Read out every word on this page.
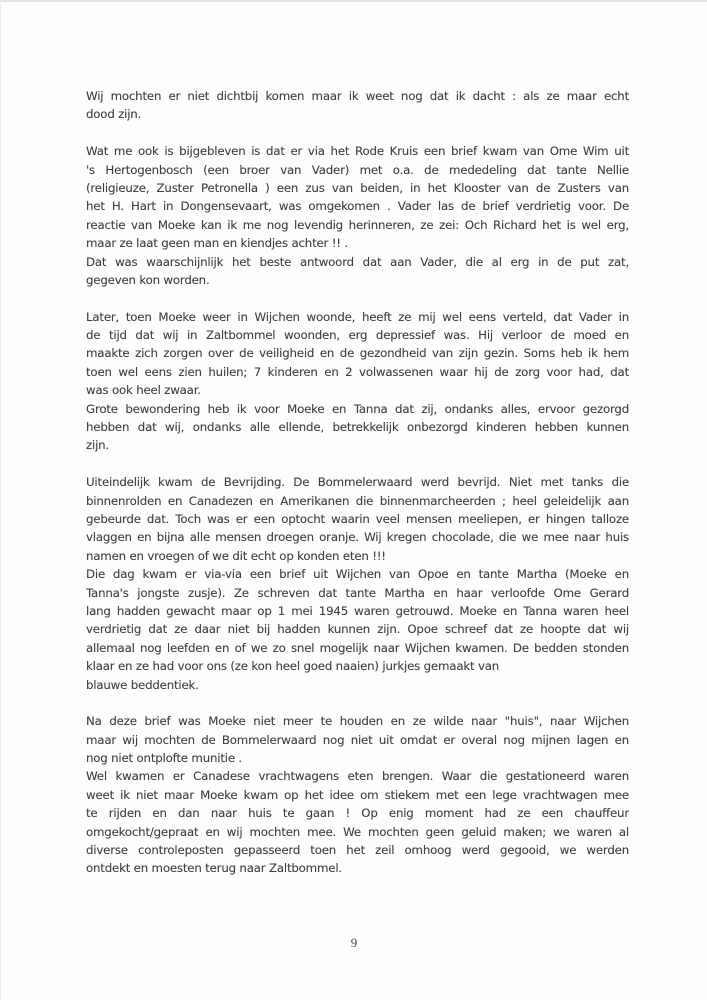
Wij mochten er niet dichtbij komen maar ik weet nog dat ik dacht : als ze maar echt
dood zijn.
Wat me ook is bijgebleven is dat er via het Rode Kruis een brief kwam van Ome Wim uit
's Hertogenbosch (een broer van Vader) met o.a. de mededeling dat tante Nellie
(religieuze, Zuster Petronella ) een zus van beiden, in het Klooster van de Zusters van
het H. Hart in Dongensevaart, was omgekomen . Vader las de brief verdrietig voor. De
reactie van Moeke kan ik me nog levendig herinneren, ze zei: Och Richard het is wel erg,
maar ze laat geen man en kiendjes achter !! .
Dat was waarschijnlijk het beste antwoord dat aan Vader, die al erg in de put zat,
gegeven kon worden.
Later, toen Moeke weer in Wijchen woonde, heeft ze mij wel eens verteld, dat Vader in
de tijd dat wij in Zaltbommel woonden, erg depressief was. Hij verloor de moed en
maakte zich zorgen over de veiligheid en de gezondheid van zijn gezin. Soms heb ik hem
toen wel eens zien huilen; 7 kinderen en 2 volwassenen waar hij de zorg voor had, dat
was ook heel zwaar.
Grote bewondering heb ik voor Moeke en Tanna dat zij, ondanks alles, ervoor gezorgd
hebben dat wij, ondanks alle ellende, betrekkelijk onbezorgd kinderen hebben kunnen
zijn.
Uiteindelijk kwam de Bevrijding. De Bommelerwaard werd bevrijd. Niet met tanks die
binnenrolden en Canadezen en Amerikanen die binnenmarcheerden ; heel geleidelijk aan
gebeurde dat. Toch was er een optocht waarin veel mensen meeliepen, er hingen talloze
vlaggen en bijna alle mensen droegen oranje. Wij kregen chocolade, die we mee naar huis
namen en vroegen of we dit echt op konden eten !!!
Die dag kwam er via-via een brief uit Wijchen van Opoe en tante Martha (Moeke en
Tanna's jongste zusje). Ze schreven dat tante Martha en haar verloofde Ome Gerard
lang hadden gewacht maar op 1 mei 1945 waren getrouwd. Moeke en Tanna waren heel
verdrietig dat ze daar niet bij hadden kunnen zijn. Opoe schreef dat ze hoopte dat wij
allemaal nog leefden en of we zo snel mogelijk naar Wijchen kwamen. De bedden stonden
klaar en ze had voor ons (ze kon heel goed naaien) jurkjes gemaakt van
blauwe beddentiek.
Na deze brief was Moeke niet meer te houden en ze wilde naar "huis", naar Wijchen
maar wij mochten de Bommelerwaard nog niet uit omdat er overal nog mijnen lagen en
nog niet ontplofte munitie .
Wel kwamen er Canadese vrachtwagens eten brengen. Waar die gestationeerd waren
weet ik niet maar Moeke kwam op het idee om stiekem met een lege vrachtwagen mee
te rijden en dan naar huis te gaan ! Op enig moment had ze een chauffeur
omgekocht/gepraat en wij mochten mee. We mochten geen geluid maken; we waren al
diverse controleposten gepasseerd toen het zeil omhoog werd gegooid, we werden
ontdekt en moesten terug naar Zaltbommel.
9
